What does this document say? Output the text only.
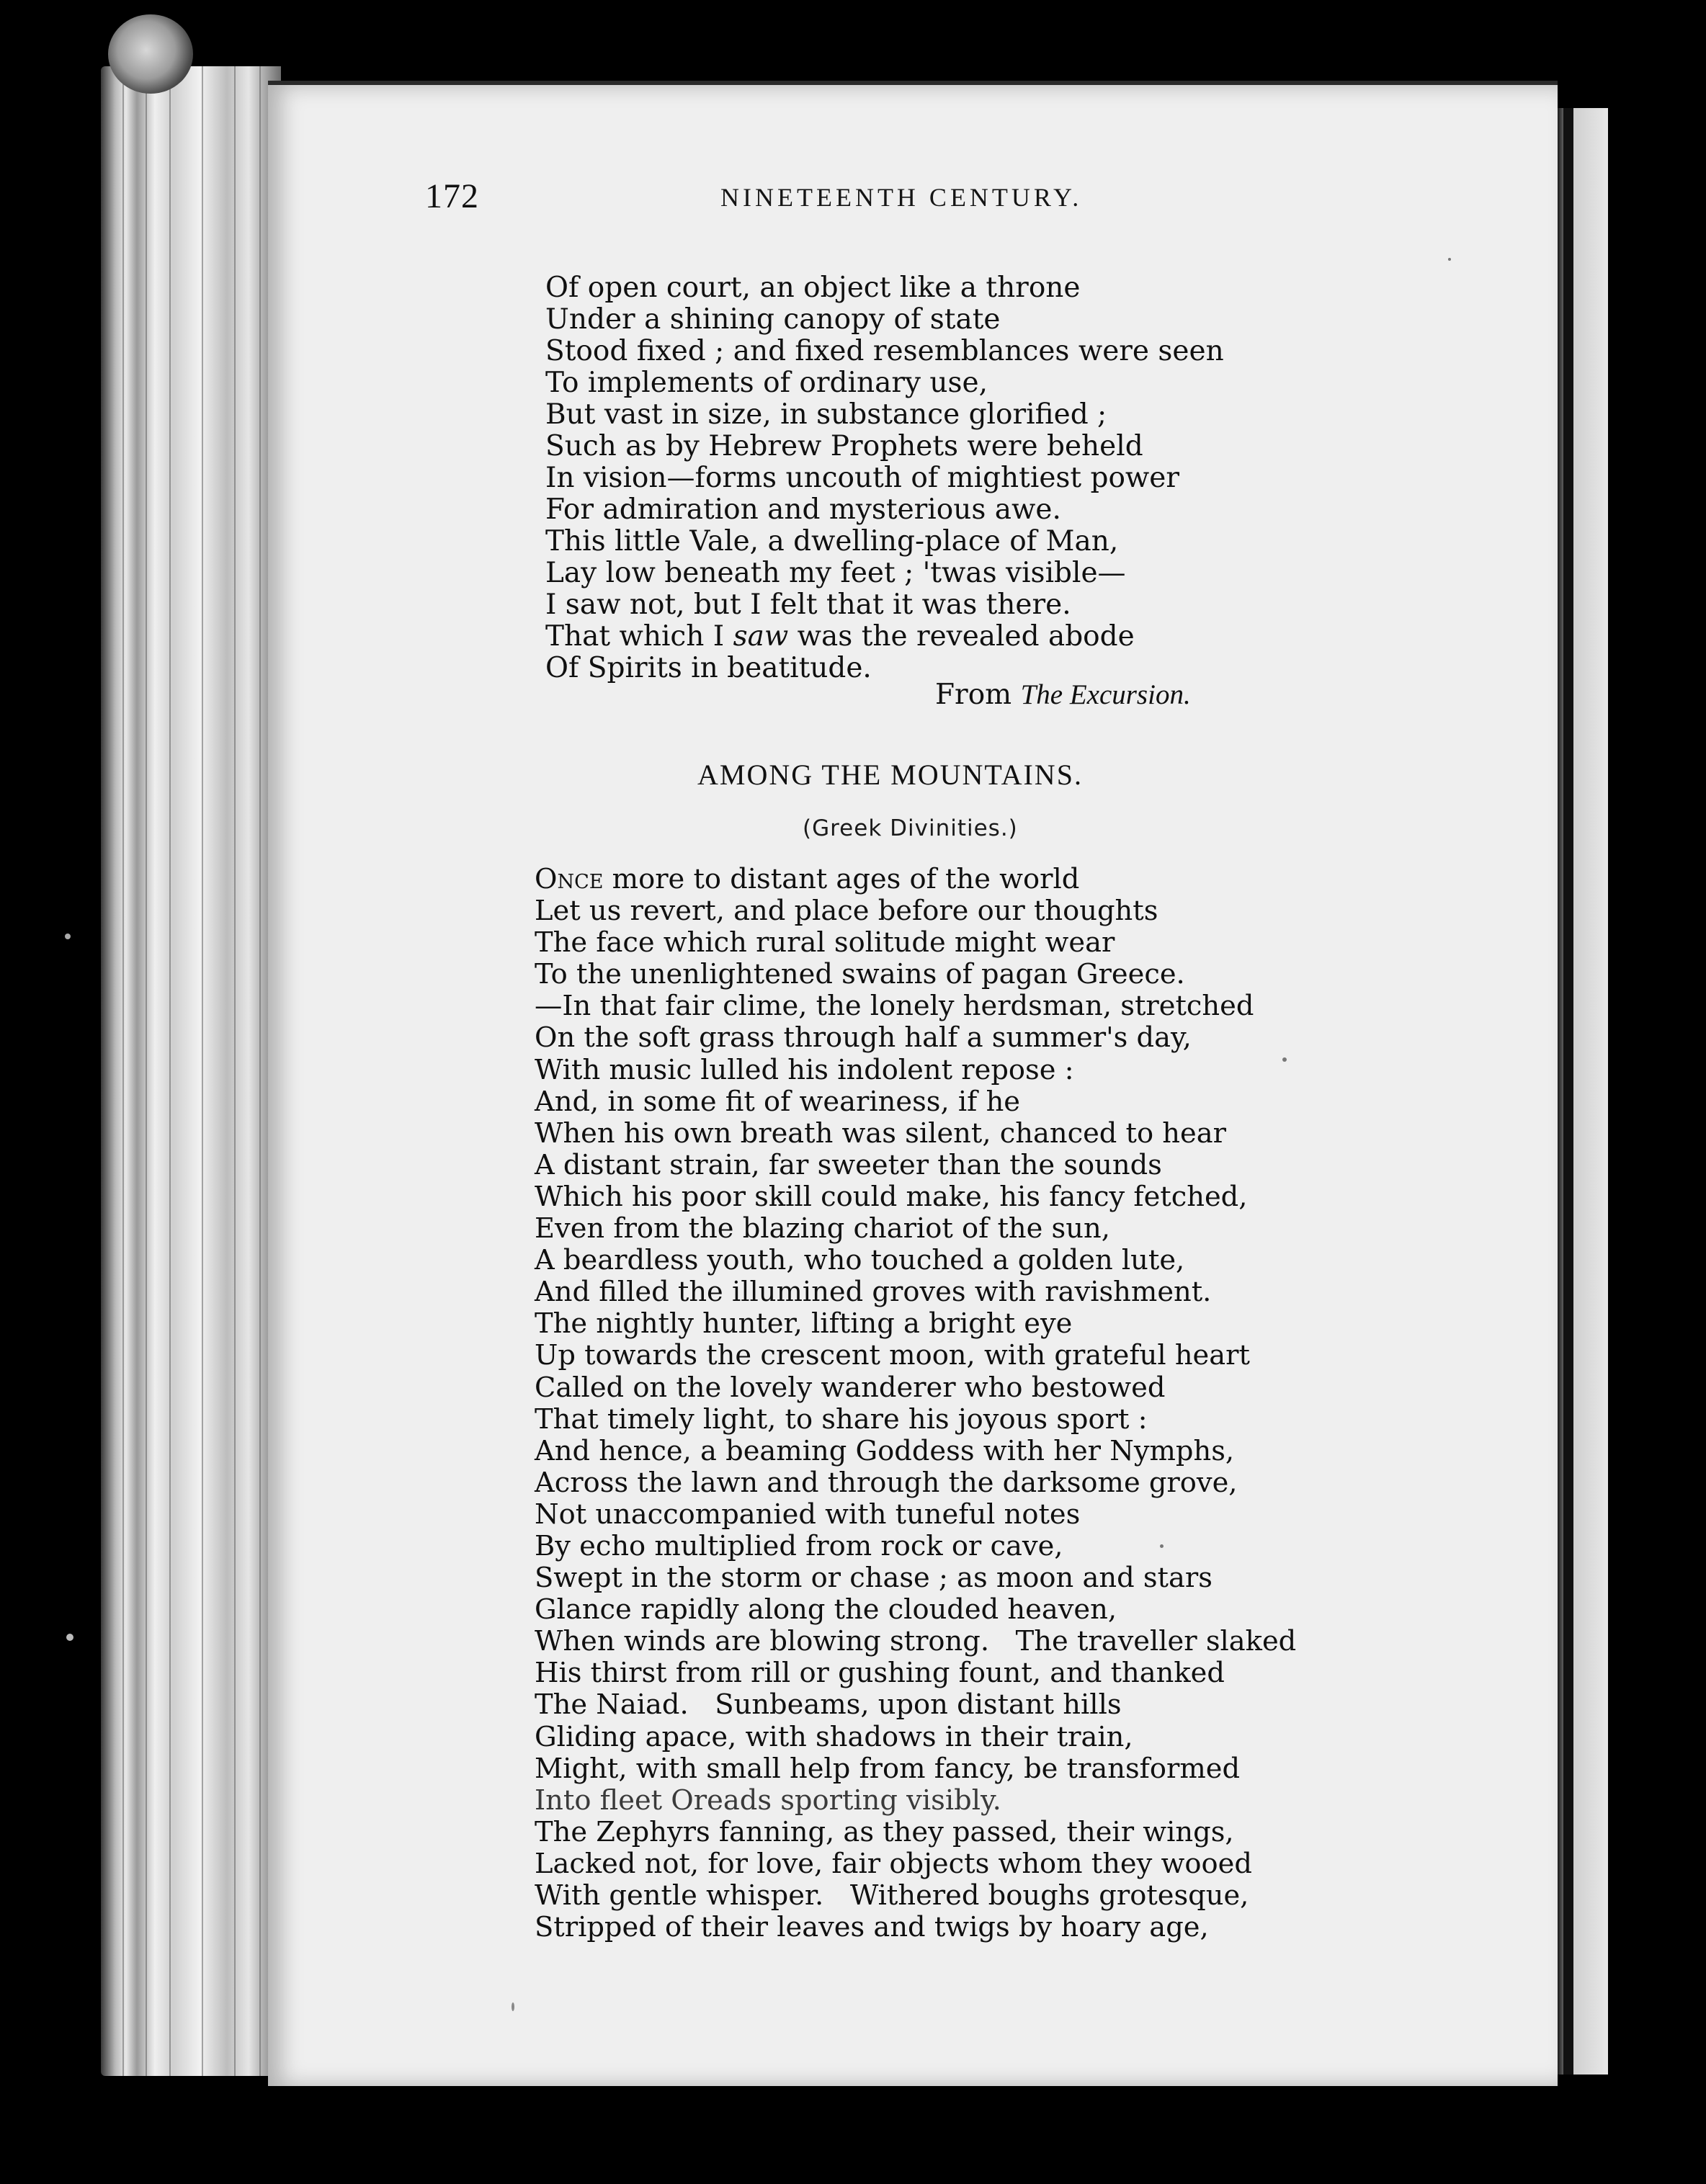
172	NINETEENTH CENTURY.
Of open court, an object like a throne
Under a shining canopy of state
Stood fixed ; and fixed resemblances were seen
To implements of ordinary use,
But vast in size, in substance glorified ;
Such as by Hebrew Prophets were beheld
In vision—forms uncouth of mightiest power
For admiration and mysterious awe.
This little Vale, a dwelling-place of Man,
Lay low beneath my feet ; 'twas visible—
I saw not, but I felt that it was there.
That which I saw was the revealed abode
Of Spirits in beatitude.
From The Excursion.
AMONG THE MOUNTAINS.
(Greek Divinities.)
Once more to distant ages of the world
Let us revert, and place before our thoughts
The face which rural solitude might wear
To the unenlightened swains of pagan Greece.
—In that fair clime, the lonely herdsman, stretched
On the soft grass through half a summer's day,
With music lulled his indolent repose :
And, in some fit of weariness, if he
When his own breath was silent, chanced to hear
A distant strain, far sweeter than the sounds
Which his poor skill could make, his fancy fetched,
Even from the blazing chariot of the sun,
A beardless youth, who touched a golden lute,
And filled the illumined groves with ravishment.
The nightly hunter, lifting a bright eye
Up towards the crescent moon, with grateful heart
Called on the lovely wanderer who bestowed
That timely light, to share his joyous sport :
And hence, a beaming Goddess with her Nymphs,
Across the lawn and through the darksome grove,
Not unaccompanied with tuneful notes
By echo multiplied from rock or cave,
Swept in the storm or chase ; as moon and stars
Glance rapidly along the clouded heaven,
When winds are blowing strong.   The traveller slaked
His thirst from rill or gushing fount, and thanked
The Naiad.   Sunbeams, upon distant hills
Gliding apace, with shadows in their train,
Might, with small help from fancy, be transformed
Into fleet Oreads sporting visibly.
The Zephyrs fanning, as they passed, their wings,
Lacked not, for love, fair objects whom they wooed
With gentle whisper.   Withered boughs grotesque,
Stripped of their leaves and twigs by hoary age,
